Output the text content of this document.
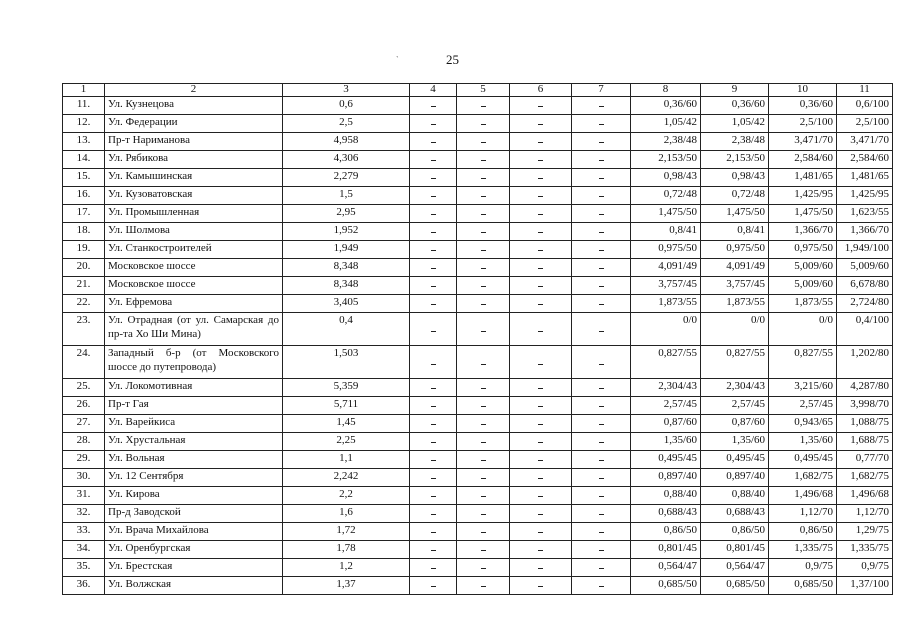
25
`
1	2	3	4	5	6	7	8	9	10	11
11.	Ул. Кузнецова	0,6					0,36/60	0,36/60	0,36/60	0,6/100
12.	Ул. Федерации	2,5					1,05/42	1,05/42	2,5/100	2,5/100
13.	Пр-т Нариманова	4,958					2,38/48	2,38/48	3,471/70	3,471/70
14.	Ул. Рябикова	4,306					2,153/50	2,153/50	2,584/60	2,584/60
15.	Ул. Камышинская	2,279					0,98/43	0,98/43	1,481/65	1,481/65
16.	Ул. Кузоватовская	1,5					0,72/48	0,72/48	1,425/95	1,425/95
17.	Ул. Промышленная	2,95					1,475/50	1,475/50	1,475/50	1,623/55
18.	Ул. Шолмова	1,952					0,8/41	0,8/41	1,366/70	1,366/70
19.	Ул. Станкостроителей	1,949					0,975/50	0,975/50	0,975/50	1,949/100
20.	Московское шоссе	8,348					4,091/49	4,091/49	5,009/60	5,009/60
21.	Московское шоссе	8,348					3,757/45	3,757/45	5,009/60	6,678/80
22.	Ул. Ефремова	3,405					1,873/55	1,873/55	1,873/55	2,724/80
23.	Ул. Отрадная (от ул. Самарская до пр-та Хо Ши Мина)	0,4					0/0	0/0	0/0	0,4/100
24.	Западный б-р (от Московского шоссе до путепровода)	1,503					0,827/55	0,827/55	0,827/55	1,202/80
25.	Ул. Локомотивная	5,359					2,304/43	2,304/43	3,215/60	4,287/80
26.	Пр-т Гая	5,711					2,57/45	2,57/45	2,57/45	3,998/70
27.	Ул. Варейкиса	1,45					0,87/60	0,87/60	0,943/65	1,088/75
28.	Ул. Хрустальная	2,25					1,35/60	1,35/60	1,35/60	1,688/75
29.	Ул. Вольная	1,1					0,495/45	0,495/45	0,495/45	0,77/70
30.	Ул. 12 Сентября	2,242					0,897/40	0,897/40	1,682/75	1,682/75
31.	Ул. Кирова	2,2					0,88/40	0,88/40	1,496/68	1,496/68
32.	Пр-д Заводской	1,6					0,688/43	0,688/43	1,12/70	1,12/70
33.	Ул. Врача Михайлова	1,72					0,86/50	0,86/50	0,86/50	1,29/75
34.	Ул. Оренбургская	1,78					0,801/45	0,801/45	1,335/75	1,335/75
35.	Ул. Брестская	1,2					0,564/47	0,564/47	0,9/75	0,9/75
36.	Ул. Волжская	1,37					0,685/50	0,685/50	0,685/50	1,37/100
